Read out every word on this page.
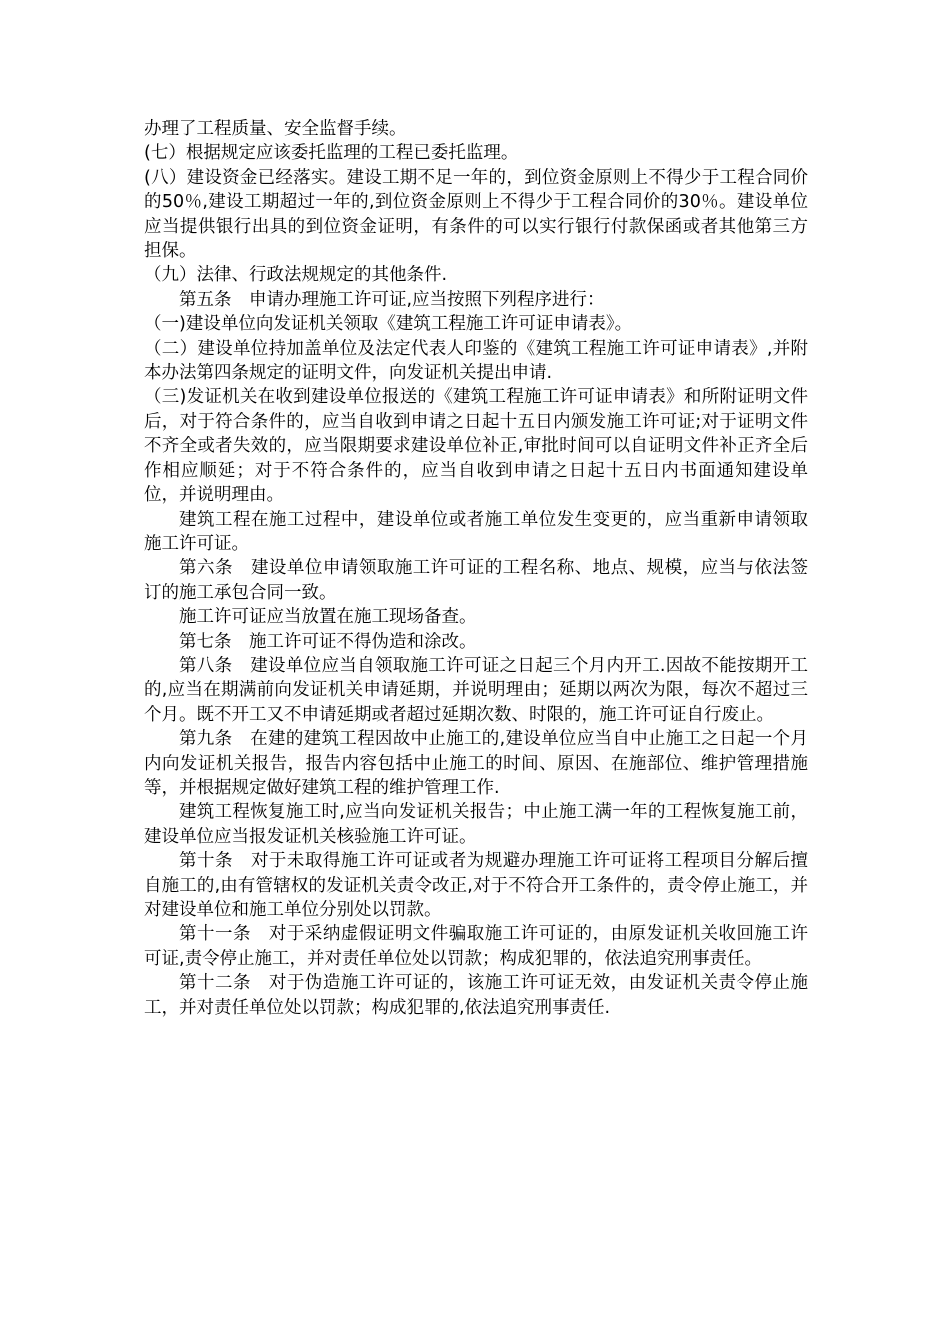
办理了工程质量、安全监督手续。

(七）根据规定应该委托监理的工程已委托监理。

(八）建设资金已经落实。建设工期不足一年的，到位资金原则上不得少于工程合同价的50％,建设工期超过一年的,到位资金原则上不得少于工程合同价的30％。建设单位应当提供银行出具的到位资金证明，有条件的可以实行银行付款保函或者其他第三方担保。

（九）法律、行政法规规定的其他条件.

第五条　申请办理施工许可证,应当按照下列程序进行：

（一)建设单位向发证机关领取《建筑工程施工许可证申请表》。

（二）建设单位持加盖单位及法定代表人印鉴的《建筑工程施工许可证申请表》,并附本办法第四条规定的证明文件，向发证机关提出申请.

（三)发证机关在收到建设单位报送的《建筑工程施工许可证申请表》和所附证明文件后，对于符合条件的，应当自收到申请之日起十五日内颁发施工许可证;对于证明文件不齐全或者失效的，应当限期要求建设单位补正,审批时间可以自证明文件补正齐全后作相应顺延；对于不符合条件的，应当自收到申请之日起十五日内书面通知建设单位，并说明理由。

建筑工程在施工过程中，建设单位或者施工单位发生变更的，应当重新申请领取施工许可证。

第六条　建设单位申请领取施工许可证的工程名称、地点、规模，应当与依法签订的施工承包合同一致。

施工许可证应当放置在施工现场备查。

第七条　施工许可证不得伪造和涂改。

第八条　建设单位应当自领取施工许可证之日起三个月内开工.因故不能按期开工的,应当在期满前向发证机关申请延期，并说明理由；延期以两次为限，每次不超过三个月。既不开工又不申请延期或者超过延期次数、时限的，施工许可证自行废止。

第九条　在建的建筑工程因故中止施工的,建设单位应当自中止施工之日起一个月内向发证机关报告，报告内容包括中止施工的时间、原因、在施部位、维护管理措施等，并根据规定做好建筑工程的维护管理工作.

建筑工程恢复施工时,应当向发证机关报告；中止施工满一年的工程恢复施工前，建设单位应当报发证机关核验施工许可证。

第十条　对于未取得施工许可证或者为规避办理施工许可证将工程项目分解后擅自施工的,由有管辖权的发证机关责令改正,对于不符合开工条件的，责令停止施工，并对建设单位和施工单位分别处以罚款。

第十一条　对于采纳虚假证明文件骗取施工许可证的，由原发证机关收回施工许可证,责令停止施工，并对责任单位处以罚款；构成犯罪的，依法追究刑事责任。

第十二条　对于伪造施工许可证的，该施工许可证无效，由发证机关责令停止施工，并对责任单位处以罚款；构成犯罪的,依法追究刑事责任.
